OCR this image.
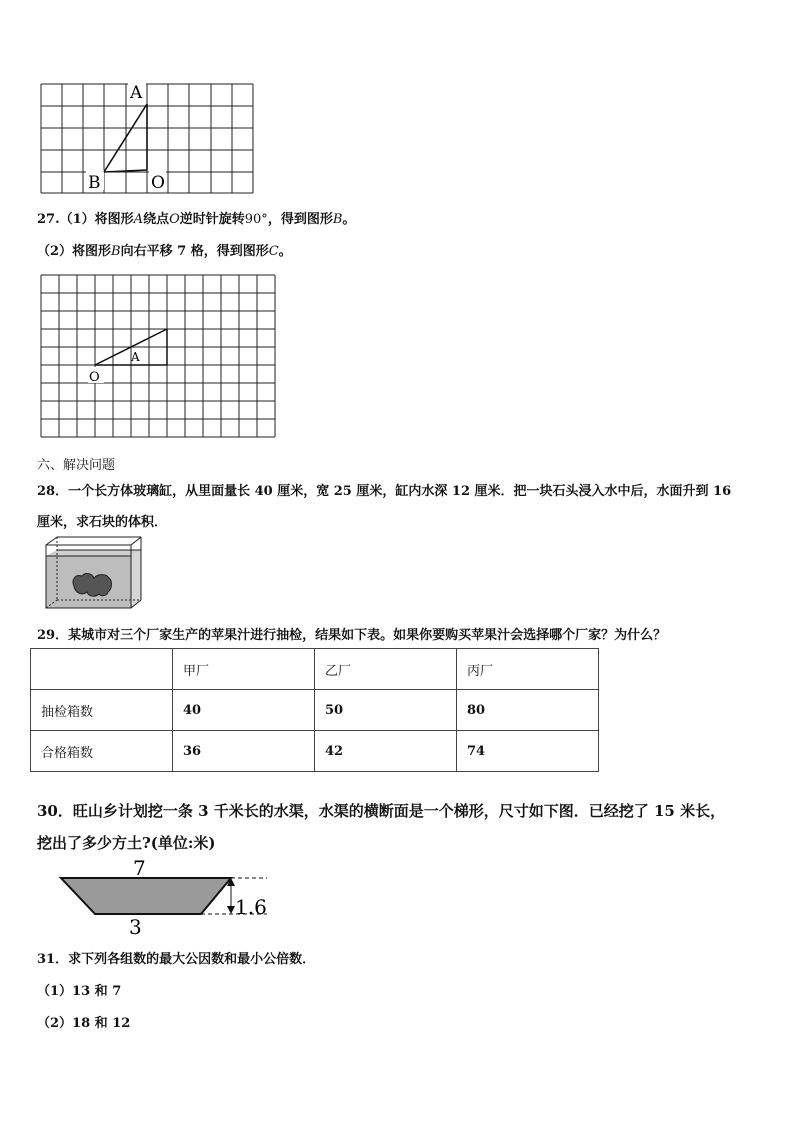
A
B	O
27.（1）将图形A绕点O逆时针旋转90°，得到图形B。
（2）将图形B向右平移 7 格，得到图形C。
A
O
六、解决问题
28．一个长方体玻璃缸，从里面量长 40 厘米，宽 25 厘米，缸内水深 12 厘米．把一块石头浸入水中后，水面升到 16
厘米，求石块的体积．
29．某城市对三个厂家生产的苹果汁进行抽检，结果如下表。如果你要购买苹果汁会选择哪个厂家？为什么？
	甲厂	乙厂	丙厂
抽检箱数	40	50	80
合格箱数	36	42	74
30．旺山乡计划挖一条 3 千米长的水渠，水渠的横断面是一个梯形，尺寸如下图．已经挖了 15 米长，
挖出了多少方土?(单位:米)
7
1.6
3
31．求下列各组数的最大公因数和最小公倍数．
（1）13 和 7
（2）18 和 12
